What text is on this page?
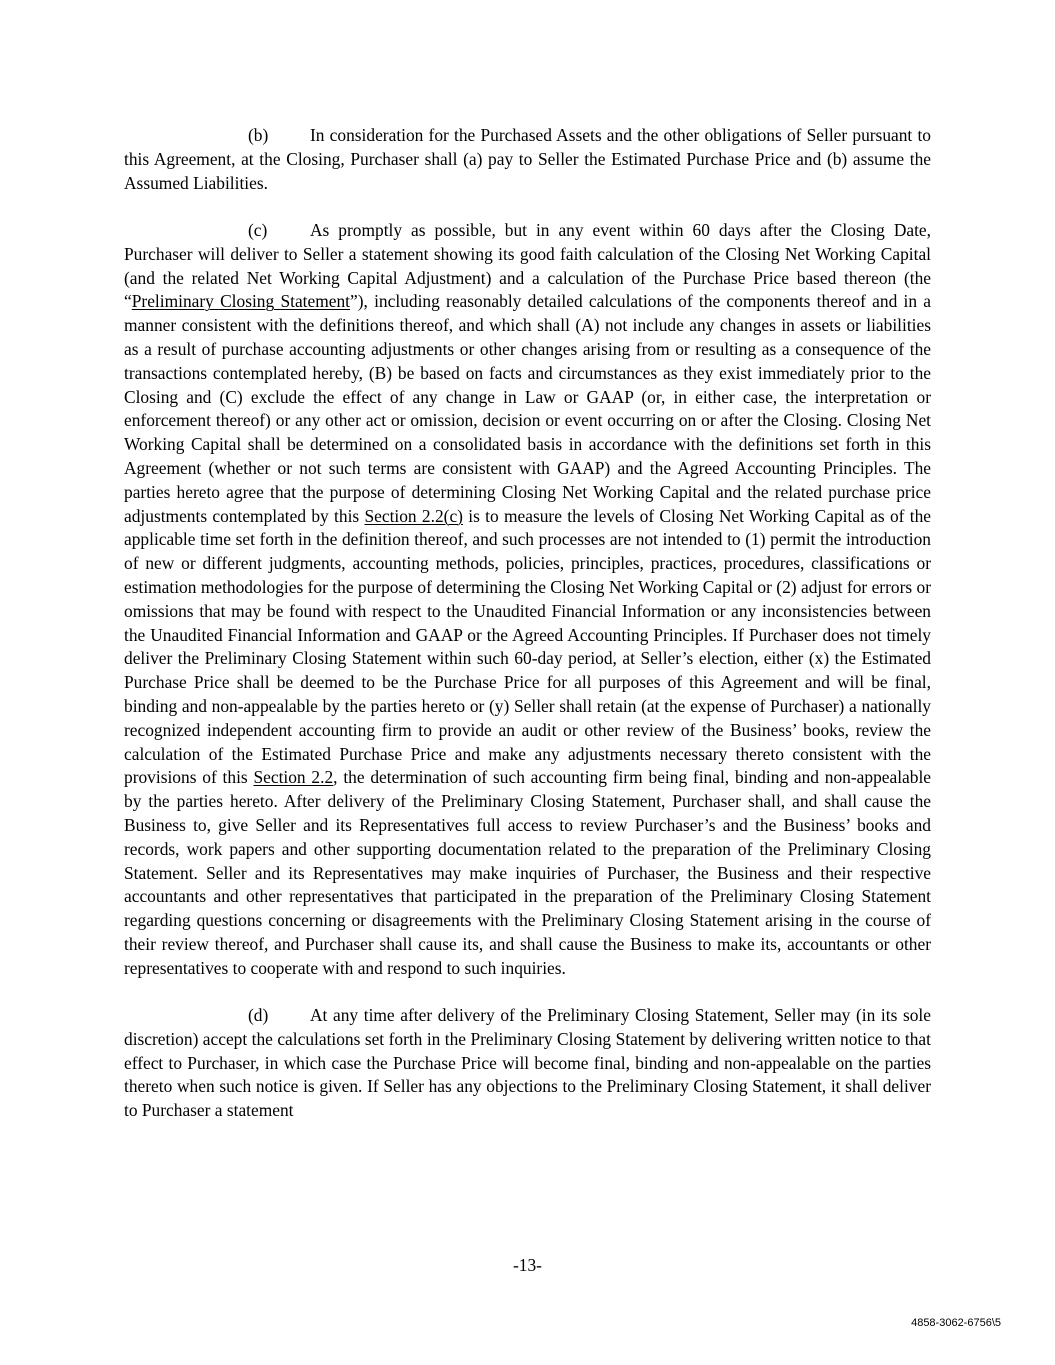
(b) In consideration for the Purchased Assets and the other obligations of Seller pursuant to this Agreement, at the Closing, Purchaser shall (a) pay to Seller the Estimated Purchase Price and (b) assume the Assumed Liabilities.

(c) As promptly as possible, but in any event within 60 days after the Closing Date, Purchaser will deliver to Seller a statement showing its good faith calculation of the Closing Net Working Capital (and the related Net Working Capital Adjustment) and a calculation of the Purchase Price based thereon (the “Preliminary Closing Statement”), including reasonably detailed calculations of the components thereof and in a manner consistent with the definitions thereof, and which shall (A) not include any changes in assets or liabilities as a result of purchase accounting adjustments or other changes arising from or resulting as a consequence of the transactions contemplated hereby, (B) be based on facts and circumstances as they exist immediately prior to the Closing and (C) exclude the effect of any change in Law or GAAP (or, in either case, the interpretation or enforcement thereof) or any other act or omission, decision or event occurring on or after the Closing. Closing Net Working Capital shall be determined on a consolidated basis in accordance with the definitions set forth in this Agreement (whether or not such terms are consistent with GAAP) and the Agreed Accounting Principles. The parties hereto agree that the purpose of determining Closing Net Working Capital and the related purchase price adjustments contemplated by this Section 2.2(c) is to measure the levels of Closing Net Working Capital as of the applicable time set forth in the definition thereof, and such processes are not intended to (1) permit the introduction of new or different judgments, accounting methods, policies, principles, practices, procedures, classifications or estimation methodologies for the purpose of determining the Closing Net Working Capital or (2) adjust for errors or omissions that may be found with respect to the Unaudited Financial Information or any inconsistencies between the Unaudited Financial Information and GAAP or the Agreed Accounting Principles. If Purchaser does not timely deliver the Preliminary Closing Statement within such 60-day period, at Seller’s election, either (x) the Estimated Purchase Price shall be deemed to be the Purchase Price for all purposes of this Agreement and will be final, binding and non-appealable by the parties hereto or (y) Seller shall retain (at the expense of Purchaser) a nationally recognized independent accounting firm to provide an audit or other review of the Business’ books, review the calculation of the Estimated Purchase Price and make any adjustments necessary thereto consistent with the provisions of this Section 2.2, the determination of such accounting firm being final, binding and non-appealable by the parties hereto. After delivery of the Preliminary Closing Statement, Purchaser shall, and shall cause the Business to, give Seller and its Representatives full access to review Purchaser’s and the Business’ books and records, work papers and other supporting documentation related to the preparation of the Preliminary Closing Statement. Seller and its Representatives may make inquiries of Purchaser, the Business and their respective accountants and other representatives that participated in the preparation of the Preliminary Closing Statement regarding questions concerning or disagreements with the Preliminary Closing Statement arising in the course of their review thereof, and Purchaser shall cause its, and shall cause the Business to make its, accountants or other representatives to cooperate with and respond to such inquiries.

(d) At any time after delivery of the Preliminary Closing Statement, Seller may (in its sole discretion) accept the calculations set forth in the Preliminary Closing Statement by delivering written notice to that effect to Purchaser, in which case the Purchase Price will become final, binding and non-appealable on the parties thereto when such notice is given. If Seller has any objections to the Preliminary Closing Statement, it shall deliver to Purchaser a statement

-13-
4858-3062-6756\5
